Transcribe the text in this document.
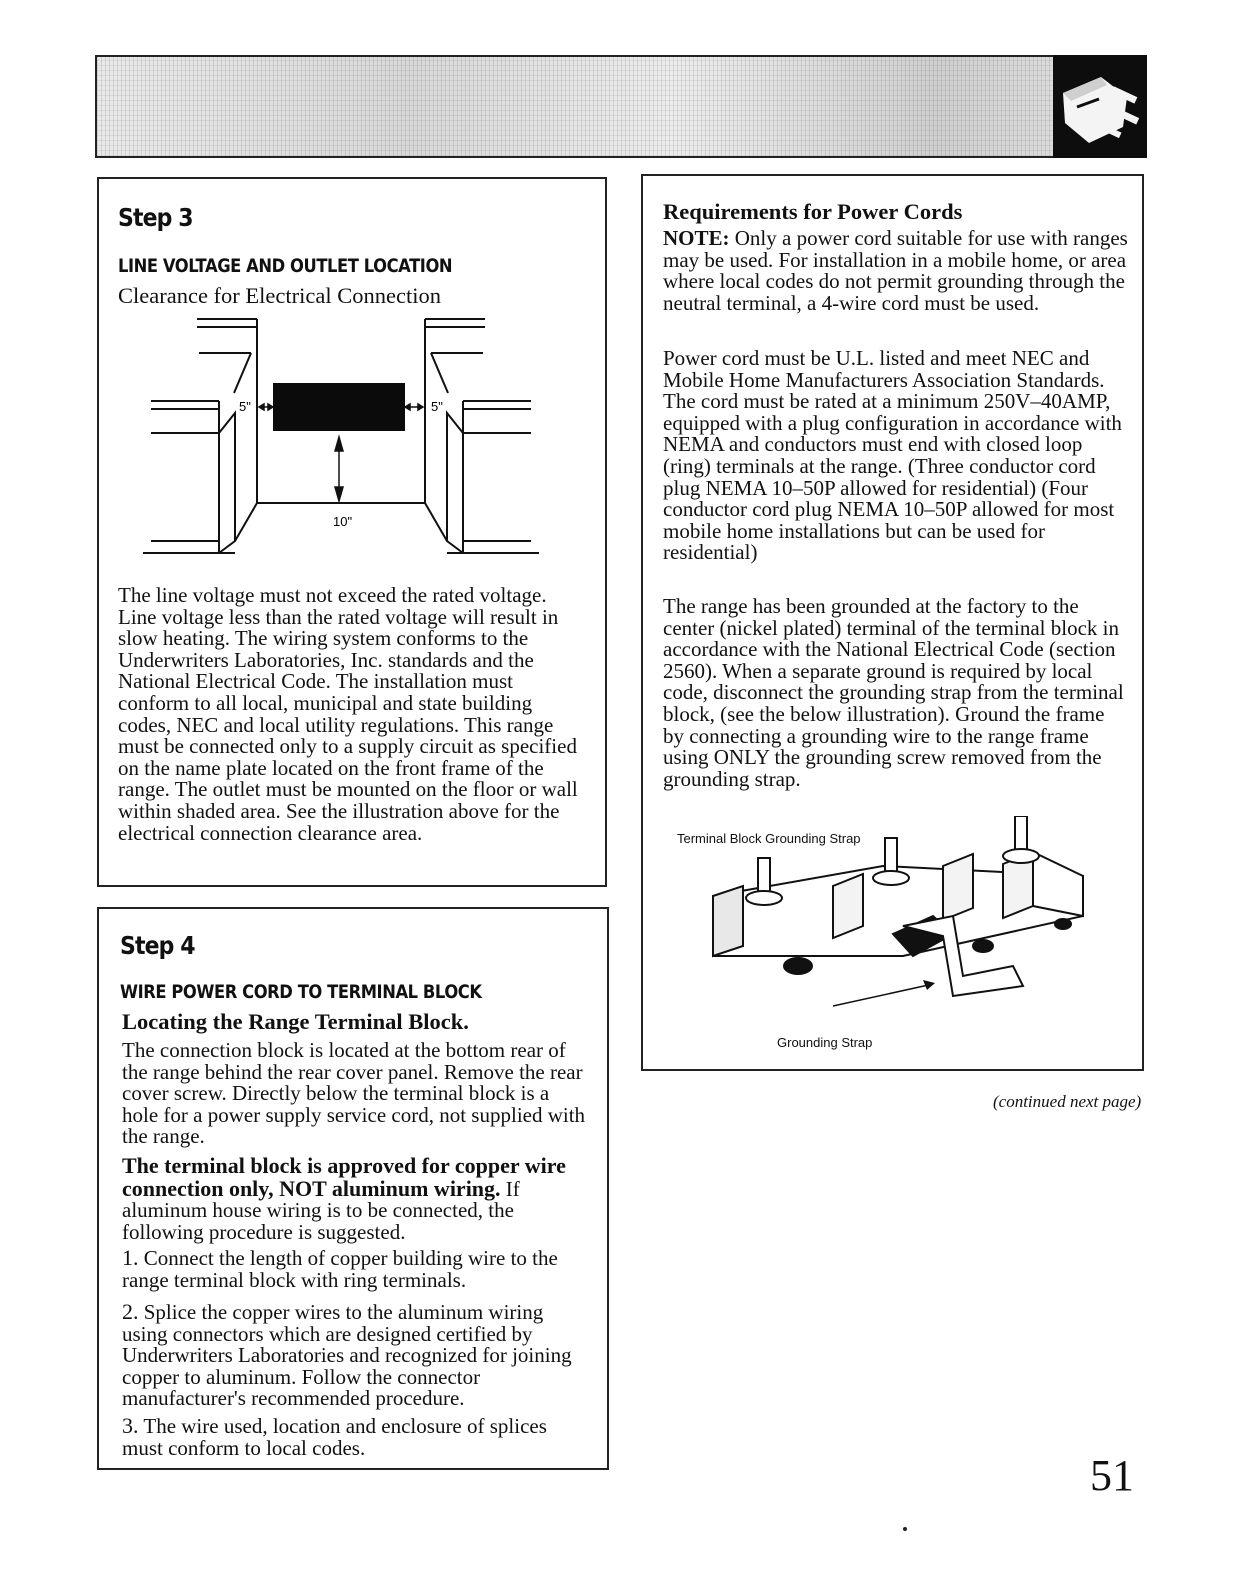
Step 3
LINE VOLTAGE AND OUTLET LOCATION
Clearance for Electrical Connection
5"	5"
10"

The line voltage must not exceed the rated voltage. Line voltage less than the rated voltage will result in slow heating. The wiring system conforms to the Underwriters Laboratories, Inc. standards and the National Electrical Code. The installation must conform to all local, municipal and state building codes, NEC and local utility regulations. This range must be connected only to a supply circuit as specified on the name plate located on the front frame of the range. The outlet must be mounted on the floor or wall within shaded area. See the illustration above for the electrical connection clearance area.

Step 4
WIRE POWER CORD TO TERMINAL BLOCK
Locating the Range Terminal Block.

The connection block is located at the bottom rear of the range behind the rear cover panel. Remove the rear cover screw. Directly below the terminal block is a hole for a power supply service cord, not supplied with the range.

The terminal block is approved for copper wire connection only, NOT aluminum wiring. If aluminum house wiring is to be connected, the following procedure is suggested.

1. Connect the length of copper building wire to the range terminal block with ring terminals.

2. Splice the copper wires to the aluminum wiring using connectors which are designed certified by Underwriters Laboratories and recognized for joining copper to aluminum. Follow the connector manufacturer's recommended procedure.

3. The wire used, location and enclosure of splices must conform to local codes.

Requirements for Power Cords

NOTE: Only a power cord suitable for use with ranges may be used. For installation in a mobile home, or area where local codes do not permit grounding through the neutral terminal, a 4-wire cord must be used.

Power cord must be U.L. listed and meet NEC and Mobile Home Manufacturers Association Standards. The cord must be rated at a minimum 250V–40AMP, equipped with a plug configuration in accordance with NEMA and conductors must end with closed loop (ring) terminals at the range. (Three conductor cord plug NEMA 10–50P allowed for residential) (Four conductor cord plug NEMA 10–50P allowed for most mobile home installations but can be used for residential)

The range has been grounded at the factory to the center (nickel plated) terminal of the terminal block in accordance with the National Electrical Code (section 2560). When a separate ground is required by local code, disconnect the grounding strap from the terminal block, (see the below illustration). Ground the frame by connecting a grounding wire to the range frame using ONLY the grounding screw removed from the grounding strap.

Terminal Block Grounding Strap
Grounding Strap
(continued next page)
51
